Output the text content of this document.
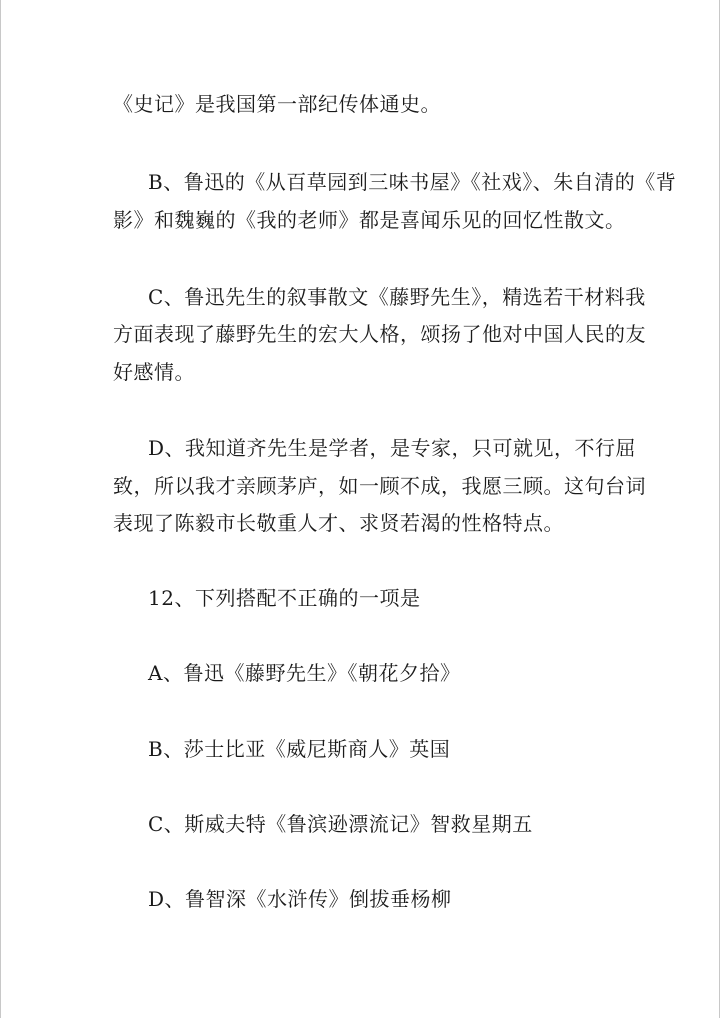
《史记》是我国第一部纪传体通史。
B、鲁迅的《从百草园到三味书屋》《社戏》、朱自清的《背
影》和魏巍的《我的老师》都是喜闻乐见的回忆性散文。
C、鲁迅先生的叙事散文《藤野先生》，精选若干材料我
方面表现了藤野先生的宏大人格，颂扬了他对中国人民的友
好感情。
D、我知道齐先生是学者，是专家，只可就见，不行屈
致，所以我才亲顾茅庐，如一顾不成，我愿三顾。这句台词
表现了陈毅市长敬重人才、求贤若渴的性格特点。
12、下列搭配不正确的一项是
A、鲁迅《藤野先生》《朝花夕拾》
B、莎士比亚《威尼斯商人》英国
C、斯威夫特《鲁滨逊漂流记》智救星期五
D、鲁智深《水浒传》倒拔垂杨柳
